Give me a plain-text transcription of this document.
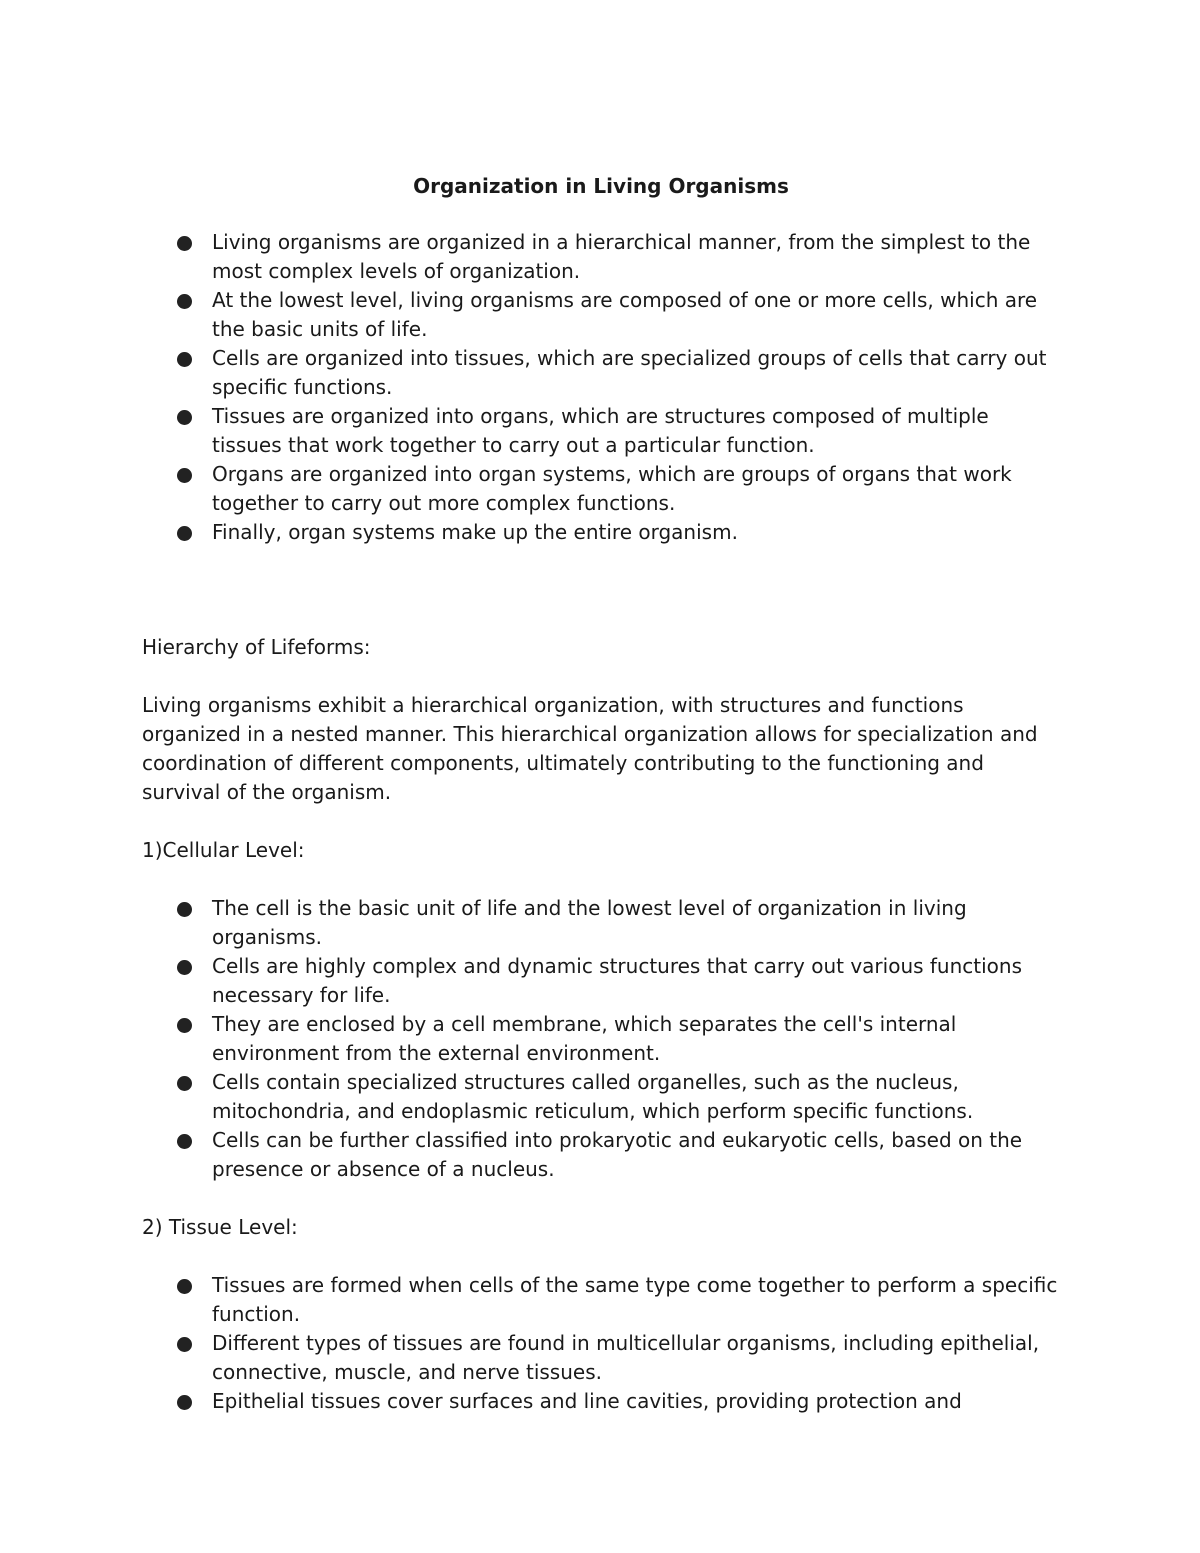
Organization in Living Organisms
Living organisms are organized in a hierarchical manner, from the simplest to the most complex levels of organization.
At the lowest level, living organisms are composed of one or more cells, which are the basic units of life.
Cells are organized into tissues, which are specialized groups of cells that carry out specific functions.
Tissues are organized into organs, which are structures composed of multiple tissues that work together to carry out a particular function.
Organs are organized into organ systems, which are groups of organs that work together to carry out more complex functions.
Finally, organ systems make up the entire organism.

Hierarchy of Lifeforms:

Living organisms exhibit a hierarchical organization, with structures and functions organized in a nested manner. This hierarchical organization allows for specialization and coordination of different components, ultimately contributing to the functioning and survival of the organism.

1)Cellular Level:

The cell is the basic unit of life and the lowest level of organization in living organisms.
Cells are highly complex and dynamic structures that carry out various functions necessary for life.
They are enclosed by a cell membrane, which separates the cell's internal environment from the external environment.
Cells contain specialized structures called organelles, such as the nucleus, mitochondria, and endoplasmic reticulum, which perform specific functions.
Cells can be further classified into prokaryotic and eukaryotic cells, based on the presence or absence of a nucleus.

2) Tissue Level:

Tissues are formed when cells of the same type come together to perform a specific function.
Different types of tissues are found in multicellular organisms, including epithelial, connective, muscle, and nerve tissues.
Epithelial tissues cover surfaces and line cavities, providing protection and
